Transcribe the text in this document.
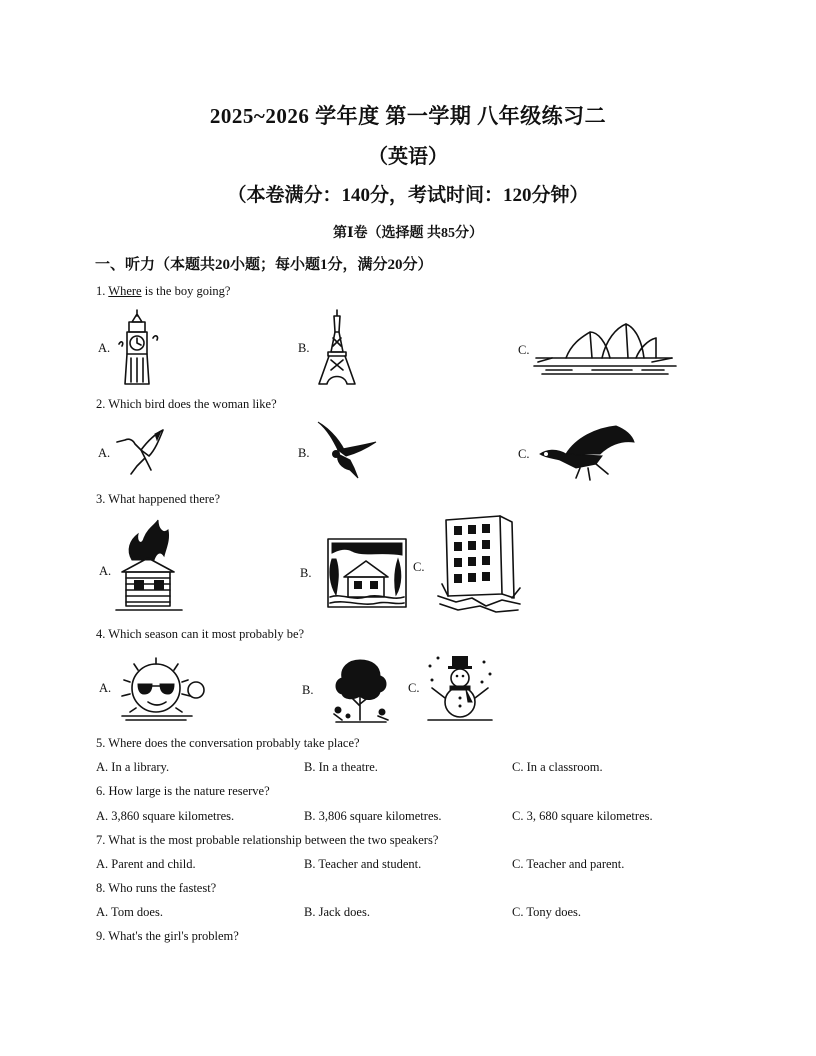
2025~2026 学年度 第一学期 八年级练习二
（英语）
（本卷满分：140分，考试时间：120分钟）
第Ⅰ卷（选择题 共85分）
一、听力（本题共20小题；每小题1分，满分20分）
1. Where is the boy going?
A.	B.	C.
2. Which bird does the woman like?
A.	B.	C.
3. What happened there?
A.	B.	C.
4. Which season can it most probably be?
A.	B.	C.
5. Where does the conversation probably take place?
A. In a library.	B. In a theatre.	C. In a classroom.
6. How large is the nature reserve?
A. 3,860 square kilometres.	B. 3,806 square kilometres.	C. 3, 680 square kilometres.
7. What is the most probable relationship between the two speakers?
A. Parent and child.	B. Teacher and student.	C. Teacher and parent.
8. Who runs the fastest?
A. Tom does.	B. Jack does.	C. Tony does.
9. What's the girl's problem?
